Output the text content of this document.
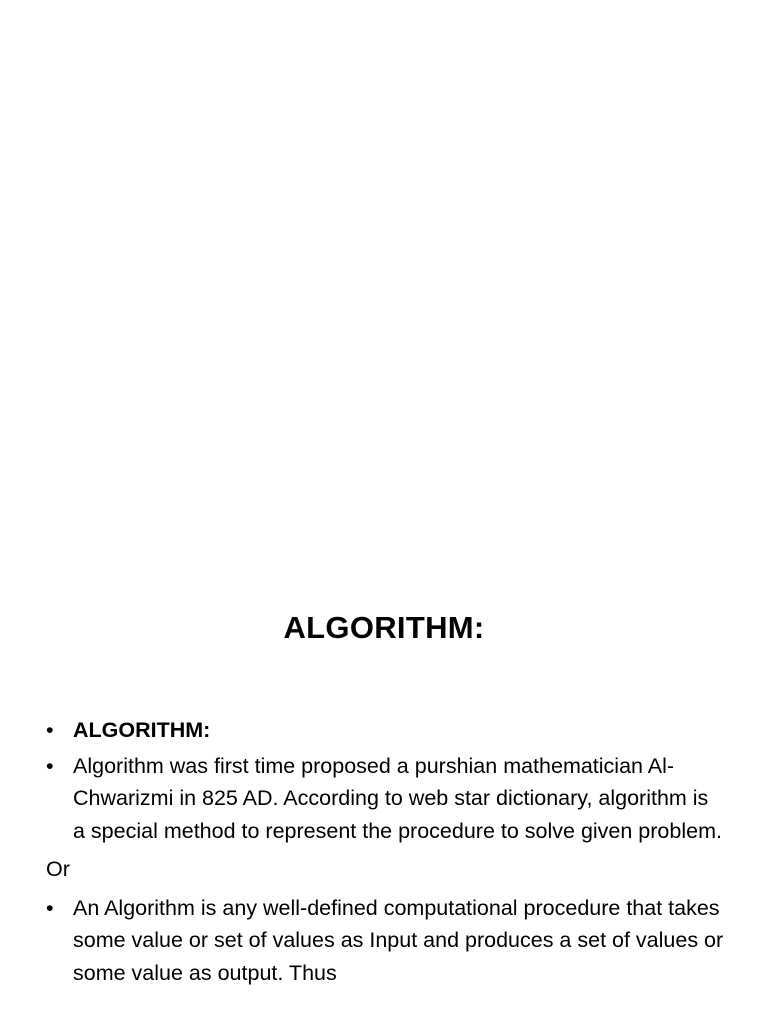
ALGORITHM:
• ALGORITHM:
• Algorithm was first time proposed a purshian mathematician Al-Chwarizmi in 825 AD. According to web star dictionary, algorithm is a special method to represent the procedure to solve given problem.
Or
• An Algorithm is any well-defined computational procedure that takes some value or set of values as Input and produces a set of values or some value as output. Thus
